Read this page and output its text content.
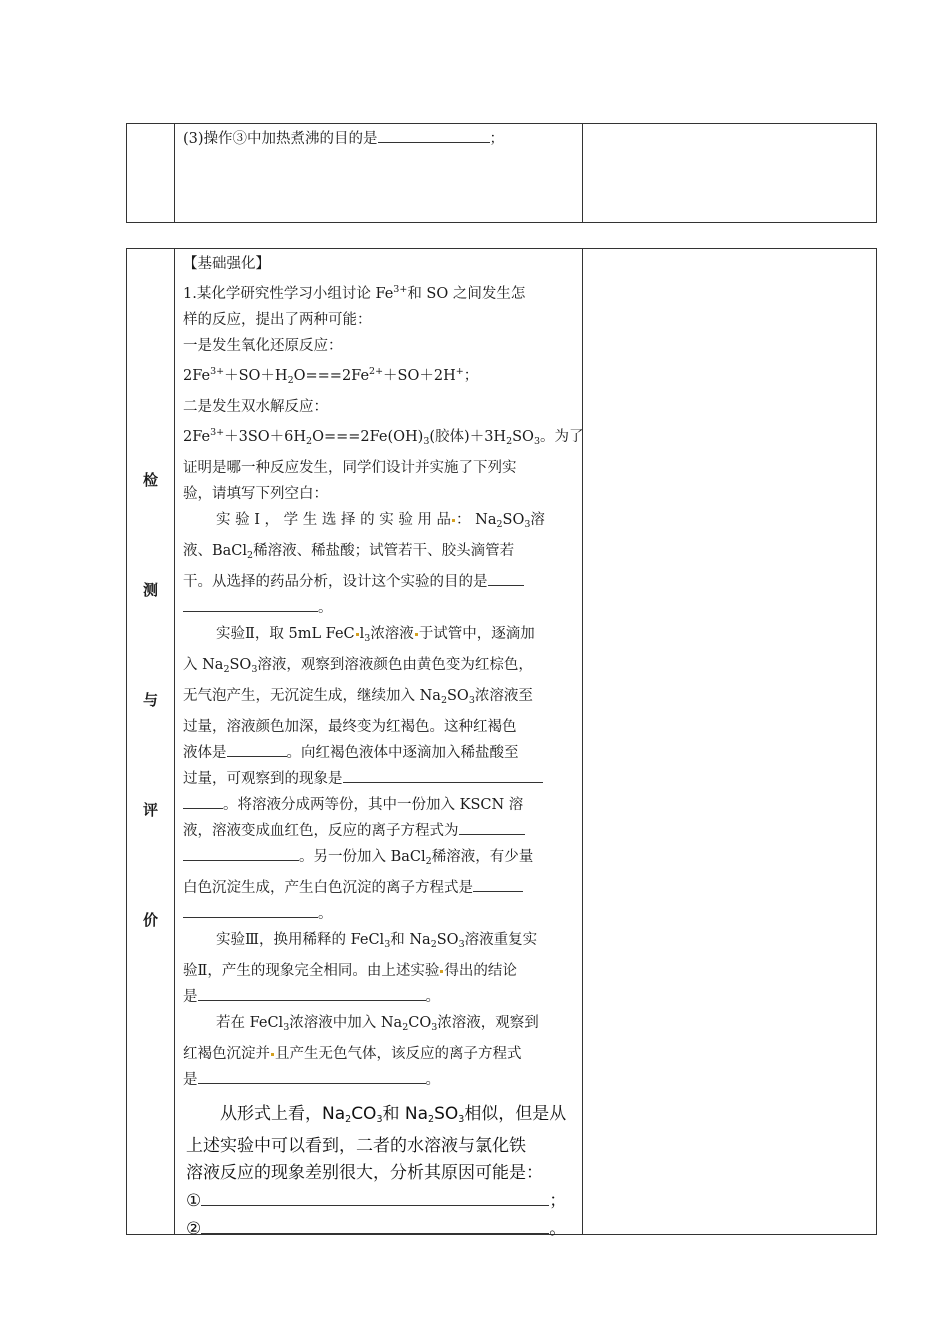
(3)操作③中加热煮沸的目的是	；
检
测
与
评
价
【基础强化】
1.某化学研究性学习小组讨论 $Fe^{3+}$和 SO 之间发生怎
样的反应，提出了两种可能：
一是发生氧化还原反应：
$2Fe^{3+}+SO+H_2O===2Fe^{2+}+SO+2H^+$；
二是发生双水解反应：
$2Fe^{3+}+3SO+6H_2O===2Fe(OH)_3$(胶体)$+3H_2SO_3$。为了
证明是哪一种反应发生，同学们设计并实施了下列实
验，请填写下列空白：
实 验 Ⅰ ， 学 生 选 择 的 实 验 用 品 ： $Na_2SO_3$溶
液、BaCl$_2$稀溶液、稀盐酸；试管若干、胶头滴管若
干。从选择的药品分析，设计这个实验的目的是
。
实验Ⅱ，取 5mL FeC $l_3$浓溶液 于试管中，逐滴加
入 $Na_2SO_3$溶液，观察到溶液颜色由黄色变为红棕色，
无气泡产生，无沉淀生成，继续加入 $Na_2SO_3$浓溶液至
过量，溶液颜色加深，最终变为红褐色。这种红褐色
液体是	。向红褐色液体中逐滴加入稀盐酸至
过量，可观察到的现象是
。将溶液分成两等份，其中一份加入 KSCN 溶
液，溶液变成血红色，反应的离子方程式为
。另一份加入 BaCl$_2$稀溶液，有少量
白色沉淀生成，产生白色沉淀的离子方程式是
。
实验Ⅲ，换用稀释的 FeCl$_3$和 $Na_2SO_3$溶液重复实
验Ⅱ，产生的现象完全相同。由上述实验 得出的结论
是	。
若在 FeCl$_3$浓溶液中加入 $Na_2CO_3$浓溶液，观察到
红褐色沉淀并 且产生无色气体，该反应的离子方程式
是	。
从形式上看，$Na_2CO_3$和 $Na_2SO_3$相似，但是从
上述实验中可以看到，二者的水溶液与氯化铁
溶液反应的现象差别很大，分析其原因可能是：
①	；
②	。
